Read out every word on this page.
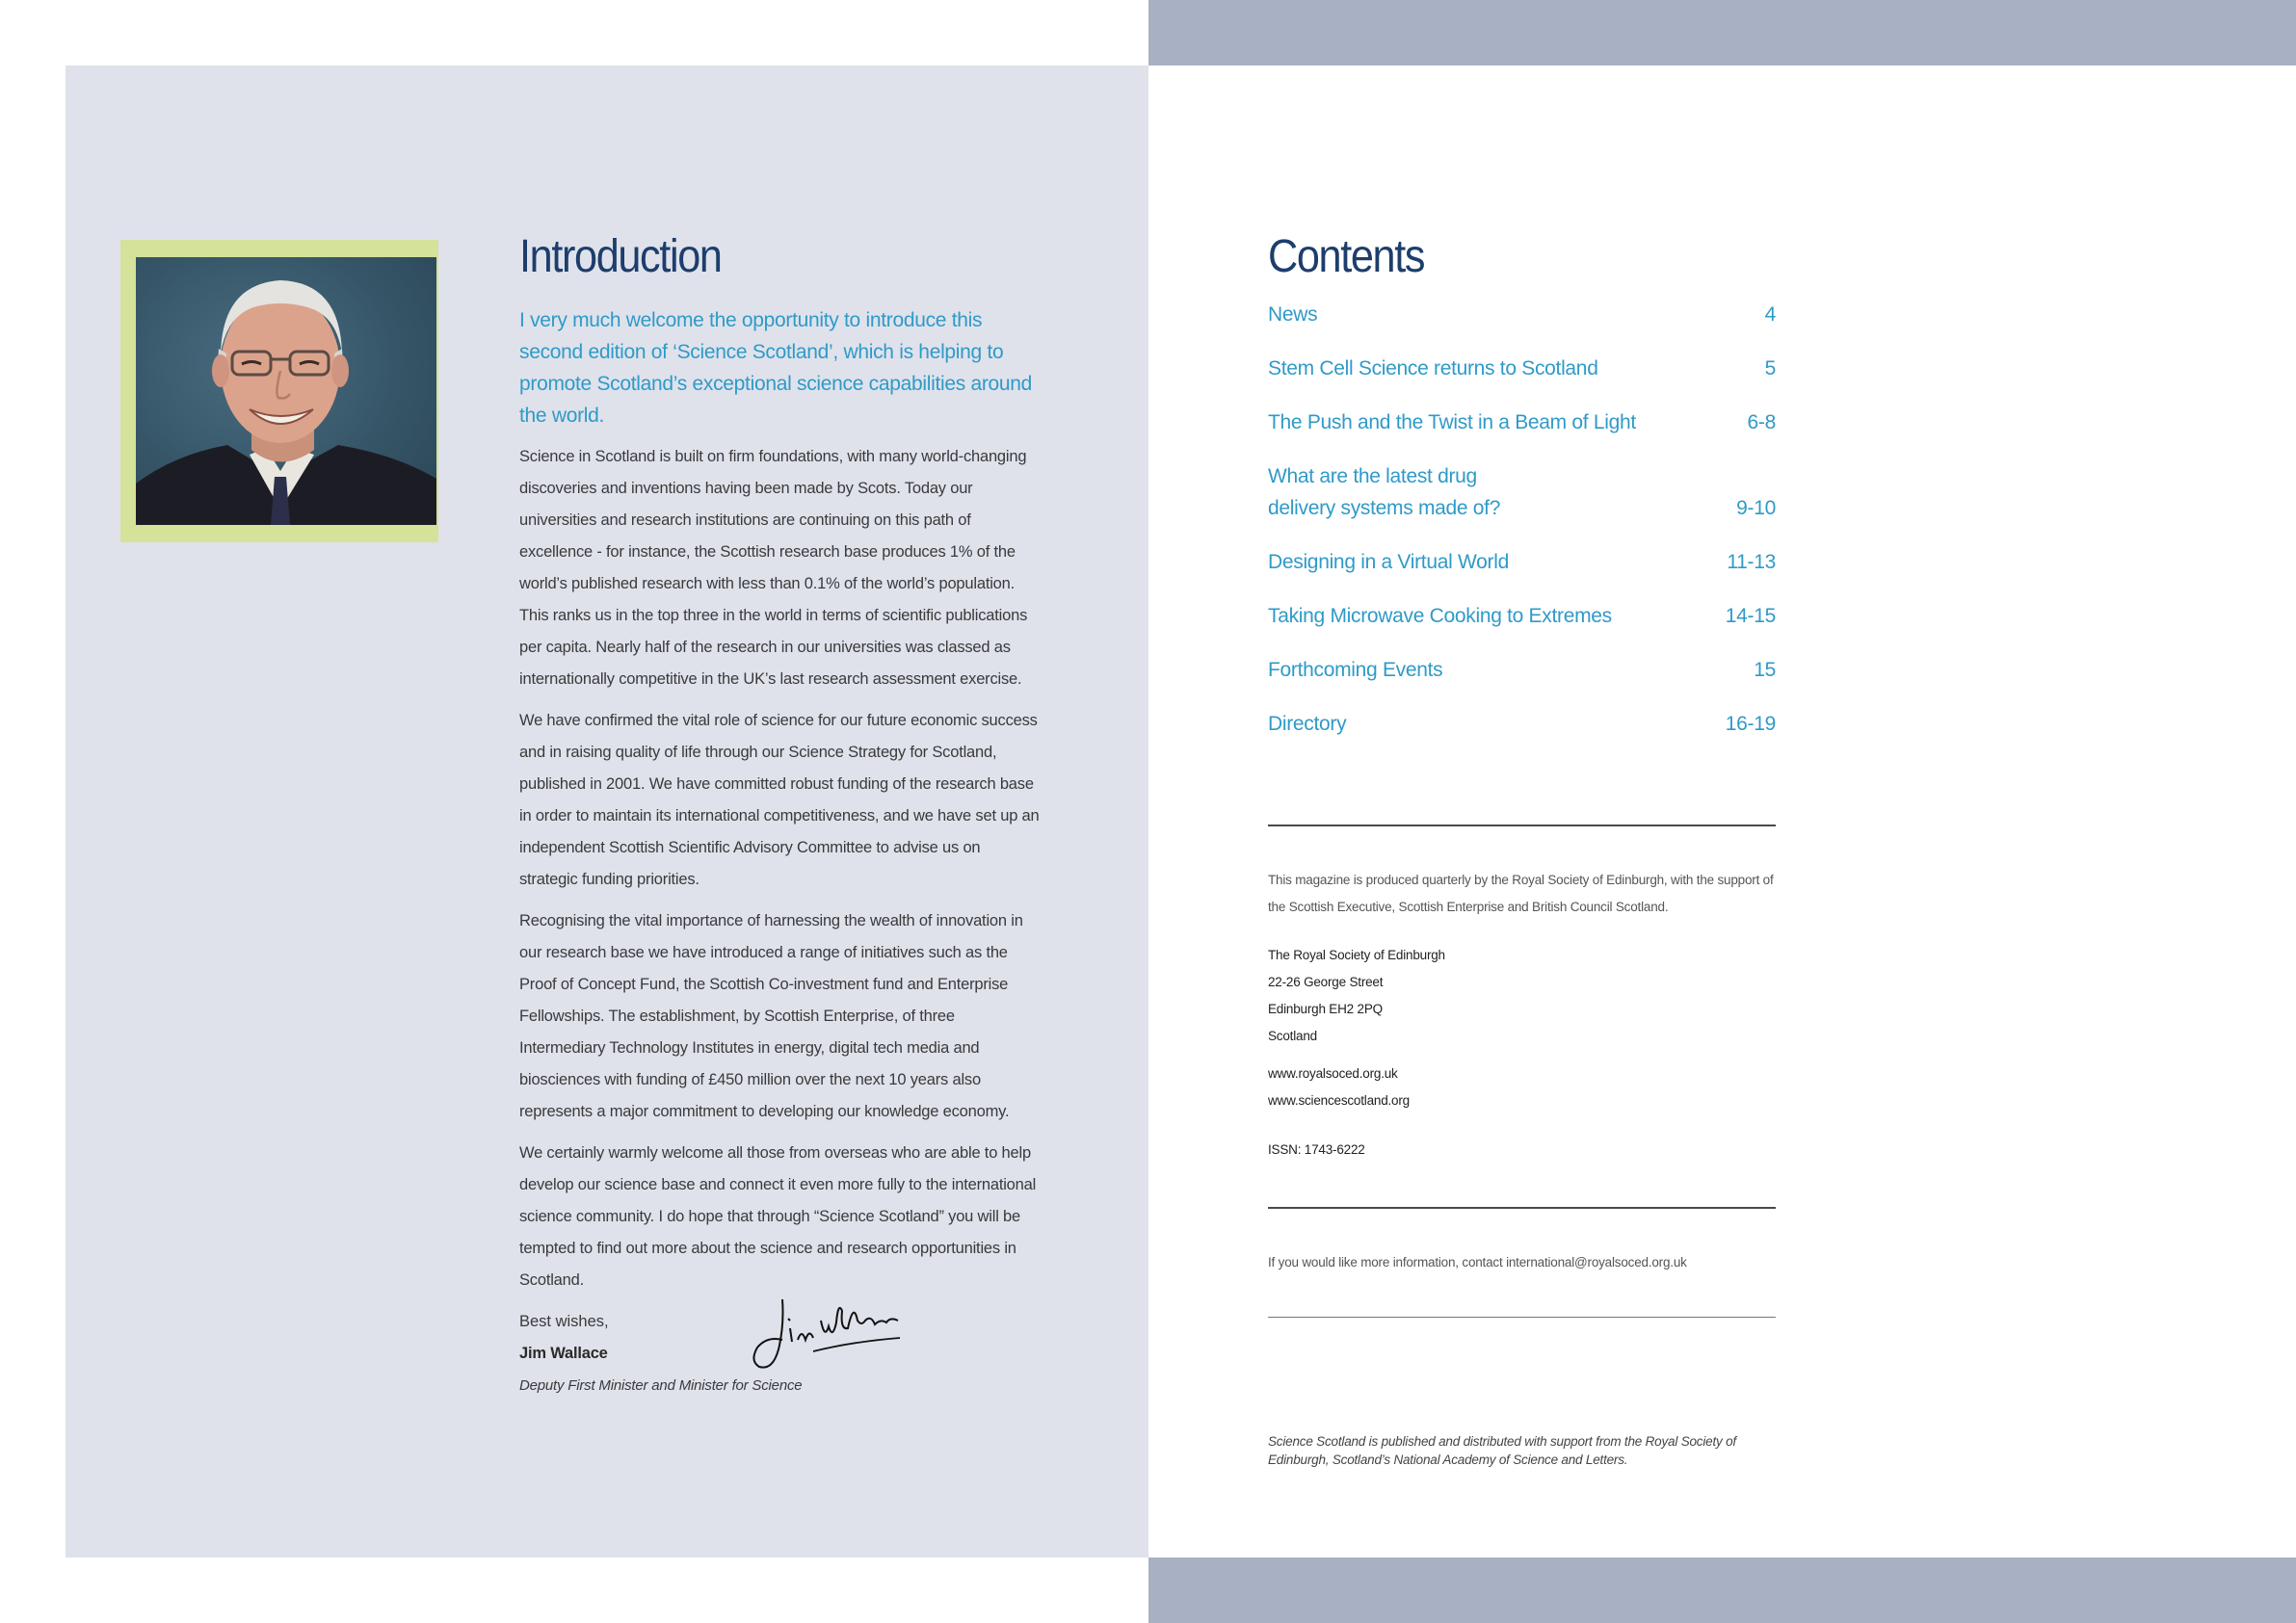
Introduction

I very much welcome the opportunity to introduce this second edition of ‘Science Scotland’, which is helping to promote Scotland’s exceptional science capabilities around the world.

Science in Scotland is built on firm foundations, with many world-changing discoveries and inventions having been made by Scots. Today our universities and research institutions are continuing on this path of excellence - for instance, the Scottish research base produces 1% of the world’s published research with less than 0.1% of the world’s population. This ranks us in the top three in the world in terms of scientific publications per capita. Nearly half of the research in our universities was classed as internationally competitive in the UK’s last research assessment exercise.

We have confirmed the vital role of science for our future economic success and in raising quality of life through our Science Strategy for Scotland, published in 2001. We have committed robust funding of the research base in order to maintain its international competitiveness, and we have set up an independent Scottish Scientific Advisory Committee to advise us on strategic funding priorities.

Recognising the vital importance of harnessing the wealth of innovation in our research base we have introduced a range of initiatives such as the Proof of Concept Fund, the Scottish Co-investment fund and Enterprise Fellowships. The establishment, by Scottish Enterprise, of three Intermediary Technology Institutes in energy, digital tech media and biosciences with funding of £450 million over the next 10 years also represents a major commitment to developing our knowledge economy.

We certainly warmly welcome all those from overseas who are able to help develop our science base and connect it even more fully to the international science community. I do hope that through “Science Scotland” you will be tempted to find out more about the science and research opportunities in Scotland.

Best wishes,
Jim Wallace
Deputy First Minister and Minister for Science
Contents
News	4
Stem Cell Science returns to Scotland	5
The Push and the Twist in a Beam of Light	6-8
What are the latest drug delivery systems made of?	9-10
Designing in a Virtual World	11-13
Taking Microwave Cooking to Extremes	14-15
Forthcoming Events	15
Directory	16-19
This magazine is produced quarterly by the Royal Society of Edinburgh, with the support of the Scottish Executive, Scottish Enterprise and British Council Scotland.
The Royal Society of Edinburgh
22-26 George Street
Edinburgh EH2 2PQ
Scotland
www.royalsoced.org.uk
www.sciencescotland.org
ISSN: 1743-6222
If you would like more information, contact international@royalsoced.org.uk
Science Scotland is published and distributed with support from the Royal Society of Edinburgh, Scotland’s National Academy of Science and Letters.
